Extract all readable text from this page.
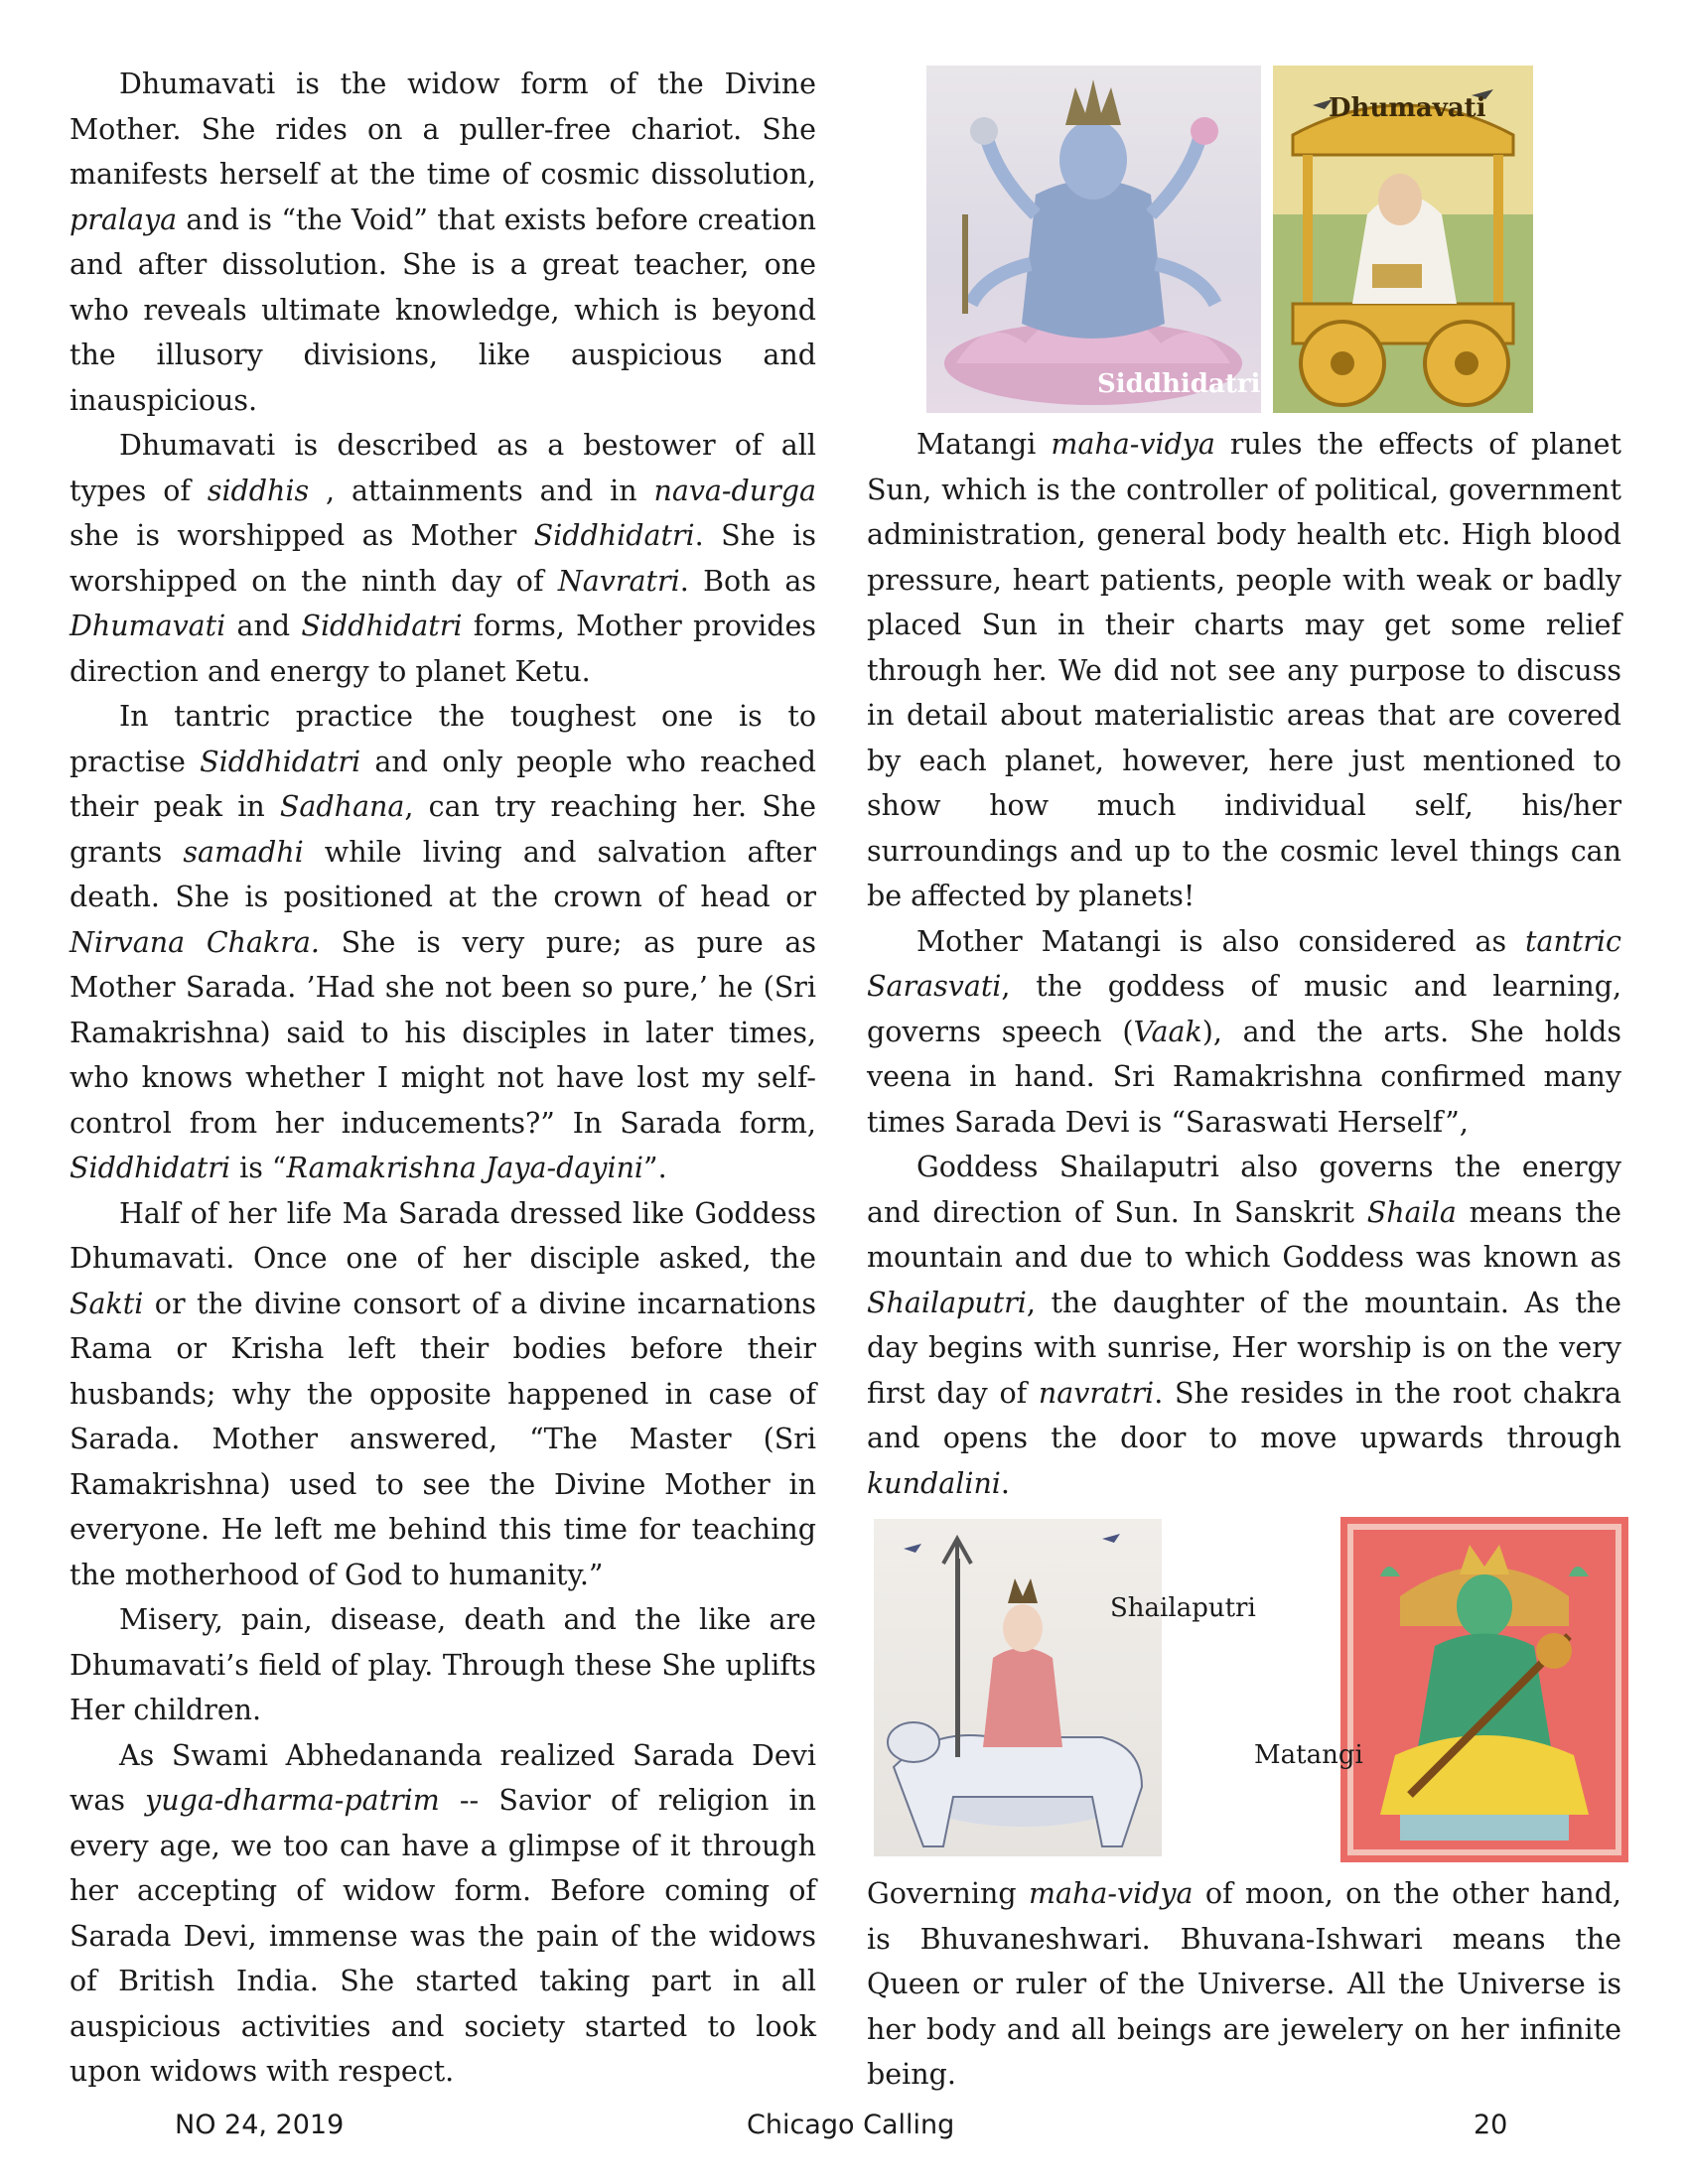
Dhumavati is the widow form of the Divine Mother. She rides on a puller-free chariot. She manifests herself at the time of cosmic dissolution, pralaya and is “the Void” that exists before creation and after dissolution. She is a great teacher, one who reveals ultimate knowledge, which is beyond the illusory divisions, like auspicious and inauspicious.

Dhumavati is described as a bestower of all types of siddhis , attainments and in nava-durga she is worshipped as Mother Siddhidatri. She is worshipped on the ninth day of Navratri. Both as Dhumavati and Siddhidatri forms, Mother provides direction and energy to planet Ketu.

In tantric practice the toughest one is to practise Siddhidatri and only people who reached their peak in Sadhana, can try reaching her. She grants samadhi while living and salvation after death. She is positioned at the crown of head or Nirvana Chakra. She is very pure; as pure as Mother Sarada. ’Had she not been so pure,’ he (Sri Ramakrishna) said to his disciples in later times, who knows whether I might not have lost my self-control from her inducements?” In Sarada form, Siddhidatri is “Ramakrishna Jaya-dayini”.

Half of her life Ma Sarada dressed like Goddess Dhumavati. Once one of her disciple asked, the Sakti or the divine consort of a divine incarnations Rama or Krisha left their bodies before their husbands; why the opposite happened in case of Sarada. Mother answered, “The Master (Sri Ramakrishna) used to see the Divine Mother in everyone. He left me behind this time for teaching the motherhood of God to humanity.”

Misery, pain, disease, death and the like are Dhumavati’s field of play. Through these She uplifts Her children.

As Swami Abhedananda realized Sarada Devi was yuga-dharma-patrim -- Savior of religion in every age, we too can have a glimpse of it through her accepting of widow form. Before coming of Sarada Devi, immense was the pain of the widows of British India. She started taking part in all auspicious activities and society started to look upon widows with respect.

Siddhidatri
Dhumavati

Matangi maha-vidya rules the effects of planet Sun, which is the controller of political, government administration, general body health etc. High blood pressure, heart patients, people with weak or badly placed Sun in their charts may get some relief through her. We did not see any purpose to discuss in detail about materialistic areas that are covered by each planet, however, here just mentioned to show how much individual self, his/her surroundings and up to the cosmic level things can be affected by planets!

Mother Matangi is also considered as tantric Sarasvati, the goddess of music and learning, governs speech (Vaak), and the arts. She holds veena in hand. Sri Ramakrishna confirmed many times Sarada Devi is “Saraswati Herself”,

Goddess Shailaputri also governs the energy and direction of Sun. In Sanskrit Shaila means the mountain and due to which Goddess was known as Shailaputri, the daughter of the mountain. As the day begins with sunrise, Her worship is on the very first day of navratri. She resides in the root chakra and opens the door to move upwards through kundalini.

Shailaputri
Matangi

Governing maha-vidya of moon, on the other hand, is Bhuvaneshwari. Bhuvana-Ishwari means the Queen or ruler of the Universe. All the Universe is her body and all beings are jewelery on her infinite being.

NO 24, 2019	Chicago Calling	20
